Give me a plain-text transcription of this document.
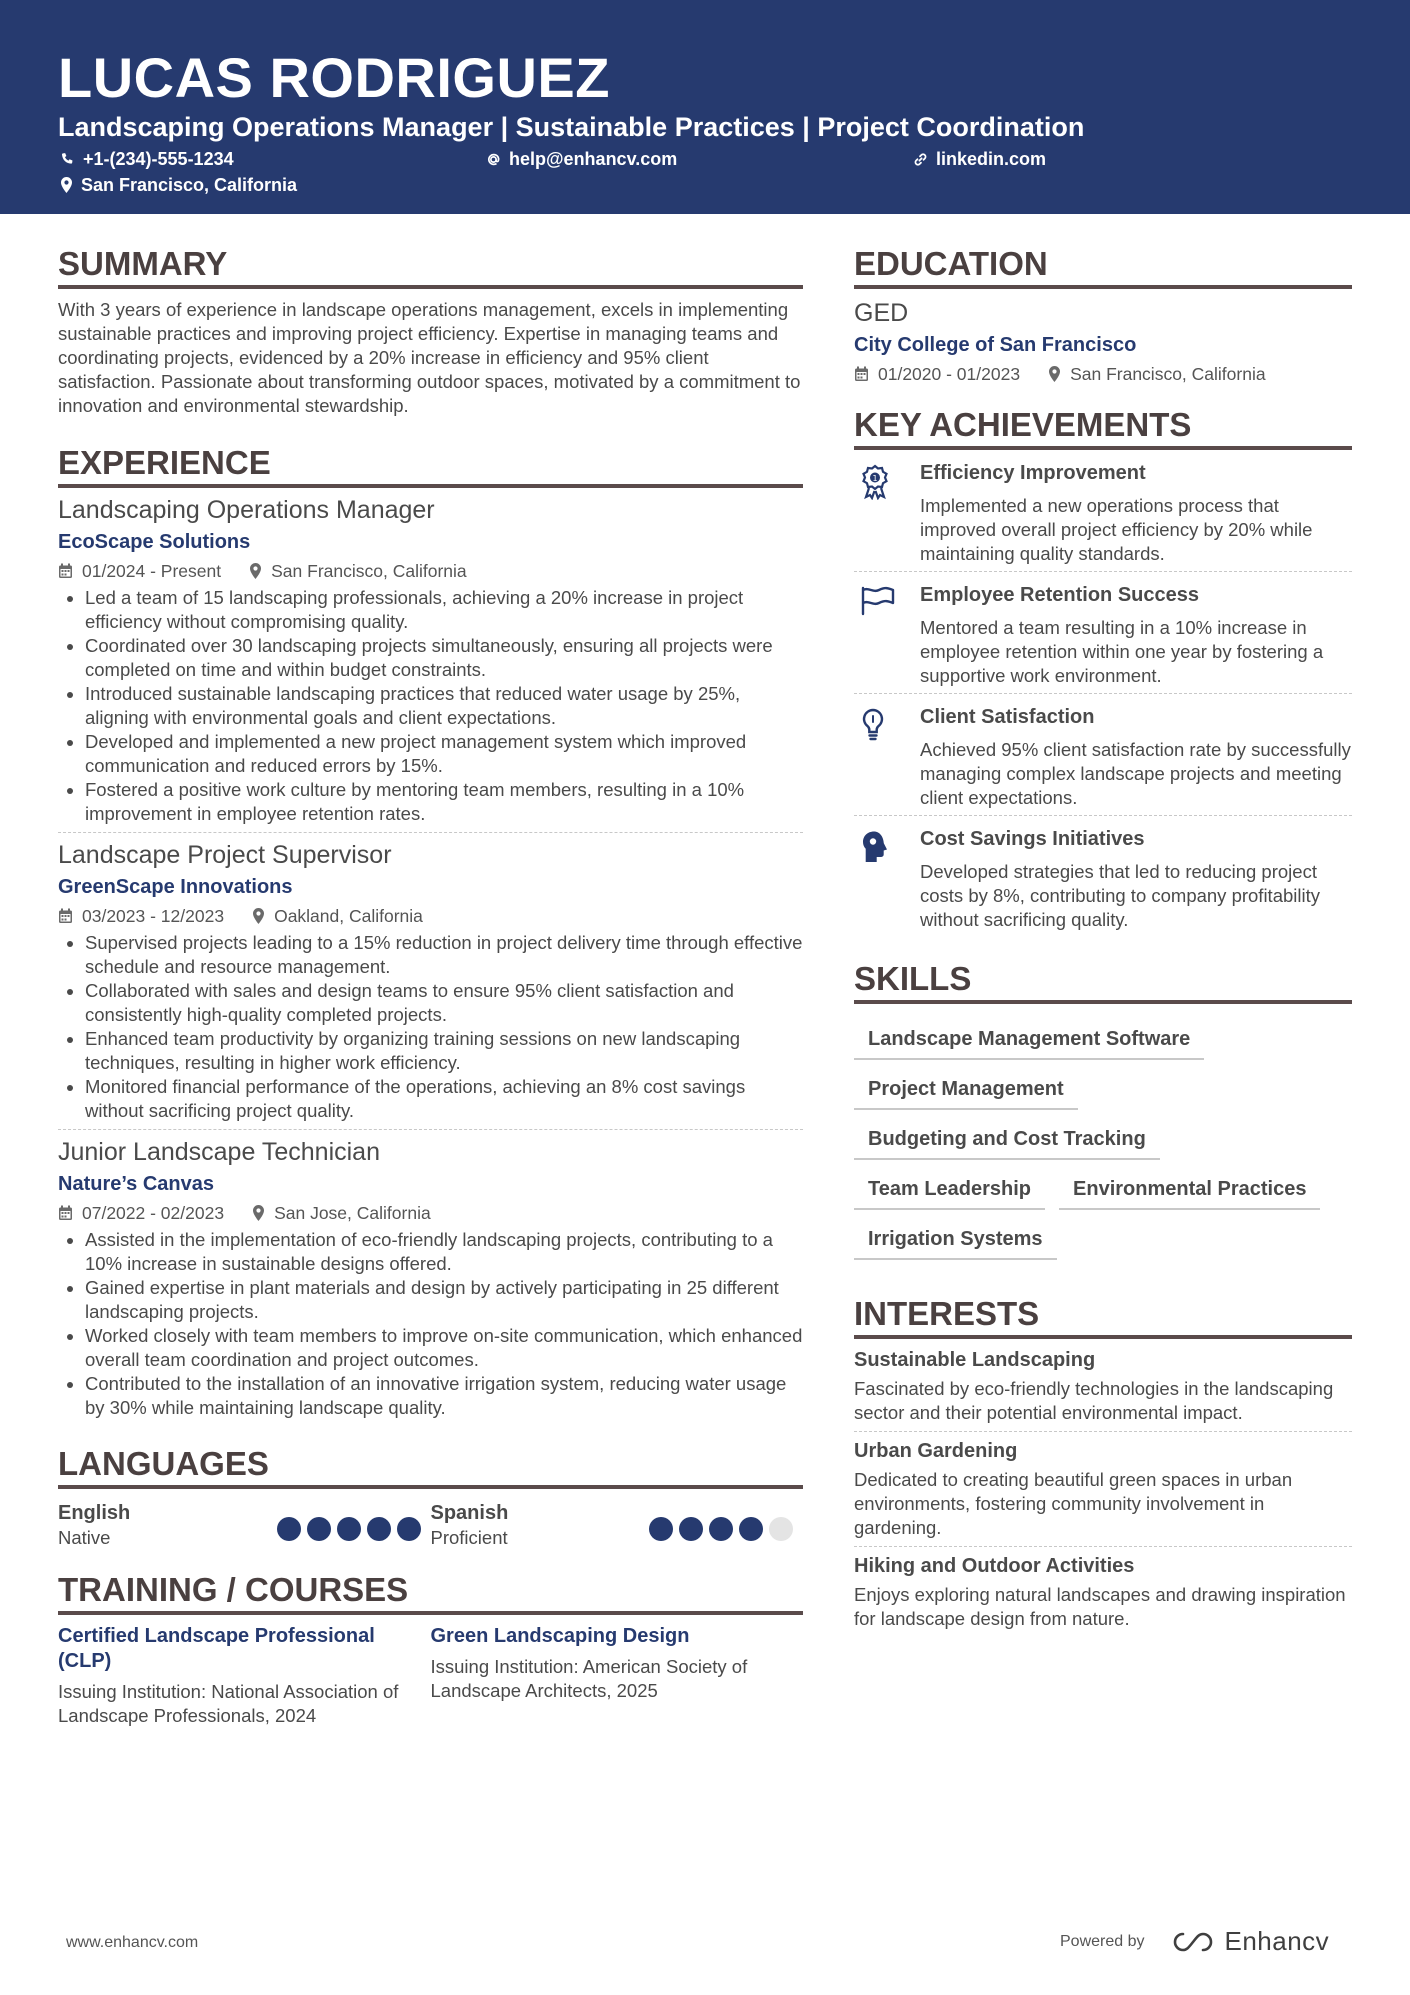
LUCAS RODRIGUEZ
Landscaping Operations Manager | Sustainable Practices | Project Coordination
+1-(234)-555-1234	help@enhancv.com	linkedin.com
San Francisco, California
SUMMARY

With 3 years of experience in landscape operations management, excels in implementing sustainable practices and improving project efficiency. Expertise in managing teams and coordinating projects, evidenced by a 20% increase in efficiency and 95% client satisfaction. Passionate about transforming outdoor spaces, motivated by a commitment to innovation and environmental stewardship.

EXPERIENCE
Landscaping Operations Manager
EcoScape Solutions
01/2024 - Present	San Francisco, California
• Led a team of 15 landscaping professionals, achieving a 20% increase in project efficiency without compromising quality.
• Coordinated over 30 landscaping projects simultaneously, ensuring all projects were completed on time and within budget constraints.
• Introduced sustainable landscaping practices that reduced water usage by 25%, aligning with environmental goals and client expectations.
• Developed and implemented a new project management system which improved communication and reduced errors by 15%.
• Fostered a positive work culture by mentoring team members, resulting in a 10% improvement in employee retention rates.
Landscape Project Supervisor
GreenScape Innovations
03/2023 - 12/2023	Oakland, California
• Supervised projects leading to a 15% reduction in project delivery time through effective schedule and resource management.
• Collaborated with sales and design teams to ensure 95% client satisfaction and consistently high-quality completed projects.
• Enhanced team productivity by organizing training sessions on new landscaping techniques, resulting in higher work efficiency.
• Monitored financial performance of the operations, achieving an 8% cost savings without sacrificing project quality.
Junior Landscape Technician
Nature’s Canvas
07/2022 - 02/2023	San Jose, California
• Assisted in the implementation of eco-friendly landscaping projects, contributing to a 10% increase in sustainable designs offered.
• Gained expertise in plant materials and design by actively participating in 25 different landscaping projects.
• Worked closely with team members to improve on-site communication, which enhanced overall team coordination and project outcomes.
• Contributed to the installation of an innovative irrigation system, reducing water usage by 30% while maintaining landscape quality.
LANGUAGES
English
Native
Spanish
Proficient
TRAINING / COURSES
Certified Landscape Professional (CLP)
Issuing Institution: National Association of Landscape Professionals, 2024
Green Landscaping Design
Issuing Institution: American Society of Landscape Architects, 2025
EDUCATION
GED
City College of San Francisco
01/2020 - 01/2023	San Francisco, California
KEY ACHIEVEMENTS
1 Efficiency Improvement
Implemented a new operations process that improved overall project efficiency by 20% while maintaining quality standards.
Employee Retention Success
Mentored a team resulting in a 10% increase in employee retention within one year by fostering a supportive work environment.
Client Satisfaction
Achieved 95% client satisfaction rate by successfully managing complex landscape projects and meeting client expectations.
Cost Savings Initiatives
Developed strategies that led to reducing project costs by 8%, contributing to company profitability without sacrificing quality.
SKILLS
Landscape Management Software
Project Management
Budgeting and Cost Tracking
Team Leadership	Environmental Practices
Irrigation Systems
INTERESTS
Sustainable Landscaping
Fascinated by eco-friendly technologies in the landscaping sector and their potential environmental impact.
Urban Gardening
Dedicated to creating beautiful green spaces in urban environments, fostering community involvement in gardening.
Hiking and Outdoor Activities
Enjoys exploring natural landscapes and drawing inspiration for landscape design from nature.
www.enhancv.com	Powered by	Enhancv
